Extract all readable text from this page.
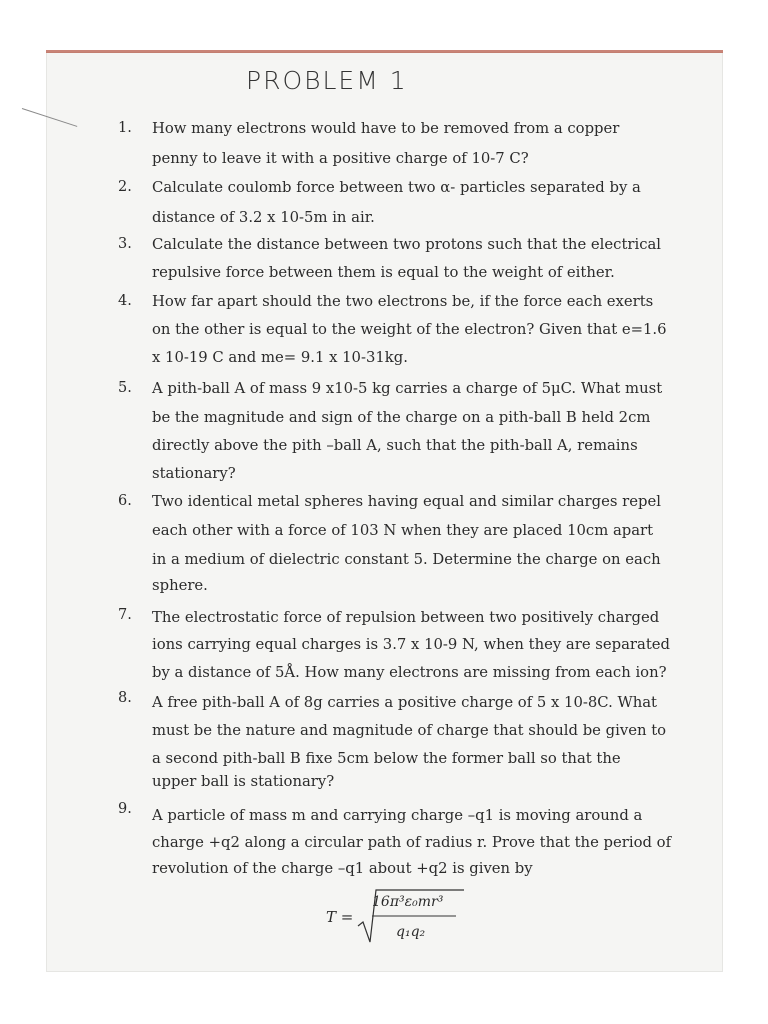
PROBLEM 1
1. How many electrons would have to be removed from a copper
penny to leave it with a positive charge of 10-7 C?
2. Calculate coulomb force between two α- particles separated by a
distance of 3.2 x 10-5m in air.
3. Calculate the distance between two protons such that the electrical
repulsive force between them is equal to the weight of either.
4. How far apart should the two electrons be, if the force each exerts
on the other is equal to the weight of the electron? Given that e=1.6
x 10-19 C and me= 9.1 x 10-31kg.
5. A pith-ball A of mass 9 x10-5 kg carries a charge of 5μC. What must
be the magnitude and sign of the charge on a pith-ball B held 2cm
directly above the pith –ball A, such that the pith-ball A, remains
stationary?
6. Two identical metal spheres having equal and similar charges repel
each other with a force of 103 N when they are placed 10cm apart
in a medium of dielectric constant 5. Determine the charge on each
sphere.
7. The electrostatic force of repulsion between two positively charged
ions carrying equal charges is 3.7 x 10-9 N, when they are separated
by a distance of 5Å. How many electrons are missing from each ion?
8. A free pith-ball A of 8g carries a positive charge of 5 x 10-8C. What
must be the nature and magnitude of charge that should be given to
a second pith-ball B fixe 5cm below the former ball so that the
upper ball is stationary?
9. A particle of mass m and carrying charge –q1 is moving around a
charge +q2 along a circular path of radius r. Prove that the period of
revolution of the charge –q1 about +q2 is given by
T =
16π³ε₀mr³
q₁q₂
